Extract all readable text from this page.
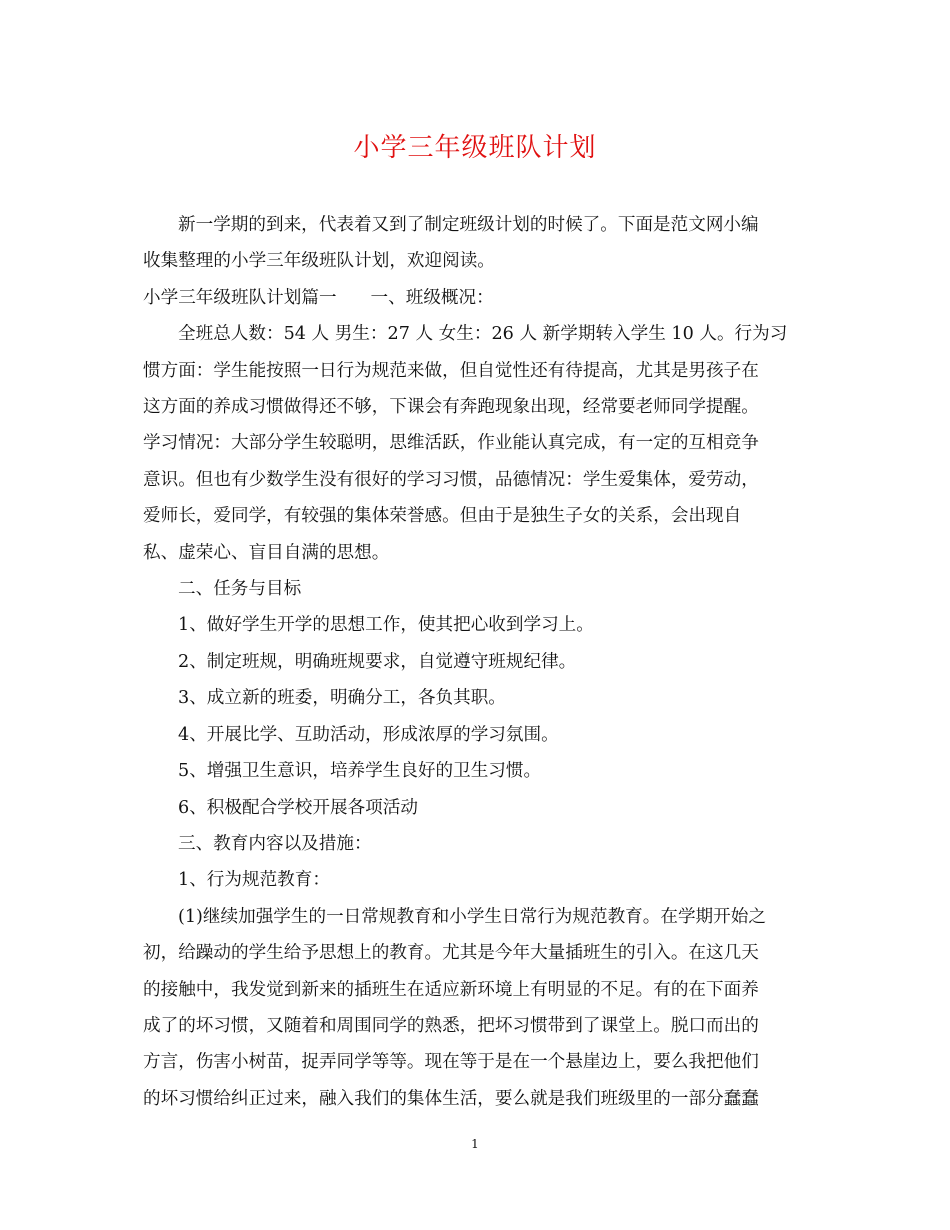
小学三年级班队计划

新一学期的到来，代表着又到了制定班级计划的时候了。下面是范文网小编
收集整理的小学三年级班队计划，欢迎阅读。

小学三年级班队计划篇一 一、班级概况：

全班总人数：54 人 男生：27 人 女生：26 人 新学期转入学生 10 人。行为习
惯方面：学生能按照一日行为规范来做，但自觉性还有待提高，尤其是男孩子在
这方面的养成习惯做得还不够，下课会有奔跑现象出现，经常要老师同学提醒。
学习情况：大部分学生较聪明，思维活跃，作业能认真完成，有一定的互相竞争
意识。但也有少数学生没有很好的学习习惯，品德情况：学生爱集体，爱劳动，
爱师长，爱同学，有较强的集体荣誉感。但由于是独生子女的关系，会出现自
私、虚荣心、盲目自满的思想。

二、任务与目标

1、做好学生开学的思想工作，使其把心收到学习上。
2、制定班规，明确班规要求，自觉遵守班规纪律。
3、成立新的班委，明确分工，各负其职。
4、开展比学、互助活动，形成浓厚的学习氛围。
5、增强卫生意识，培养学生良好的卫生习惯。
6、积极配合学校开展各项活动

三、教育内容以及措施：

1、行为规范教育：

(1)继续加强学生的一日常规教育和小学生日常行为规范教育。在学期开始之
初，给躁动的学生给予思想上的教育。尤其是今年大量插班生的引入。在这几天
的接触中，我发觉到新来的插班生在适应新环境上有明显的不足。有的在下面养
成了的坏习惯，又随着和周围同学的熟悉，把坏习惯带到了课堂上。脱口而出的
方言，伤害小树苗，捉弄同学等等。现在等于是在一个悬崖边上，要么我把他们
的坏习惯给纠正过来，融入我们的集体生活，要么就是我们班级里的一部分蠢蠢

1
